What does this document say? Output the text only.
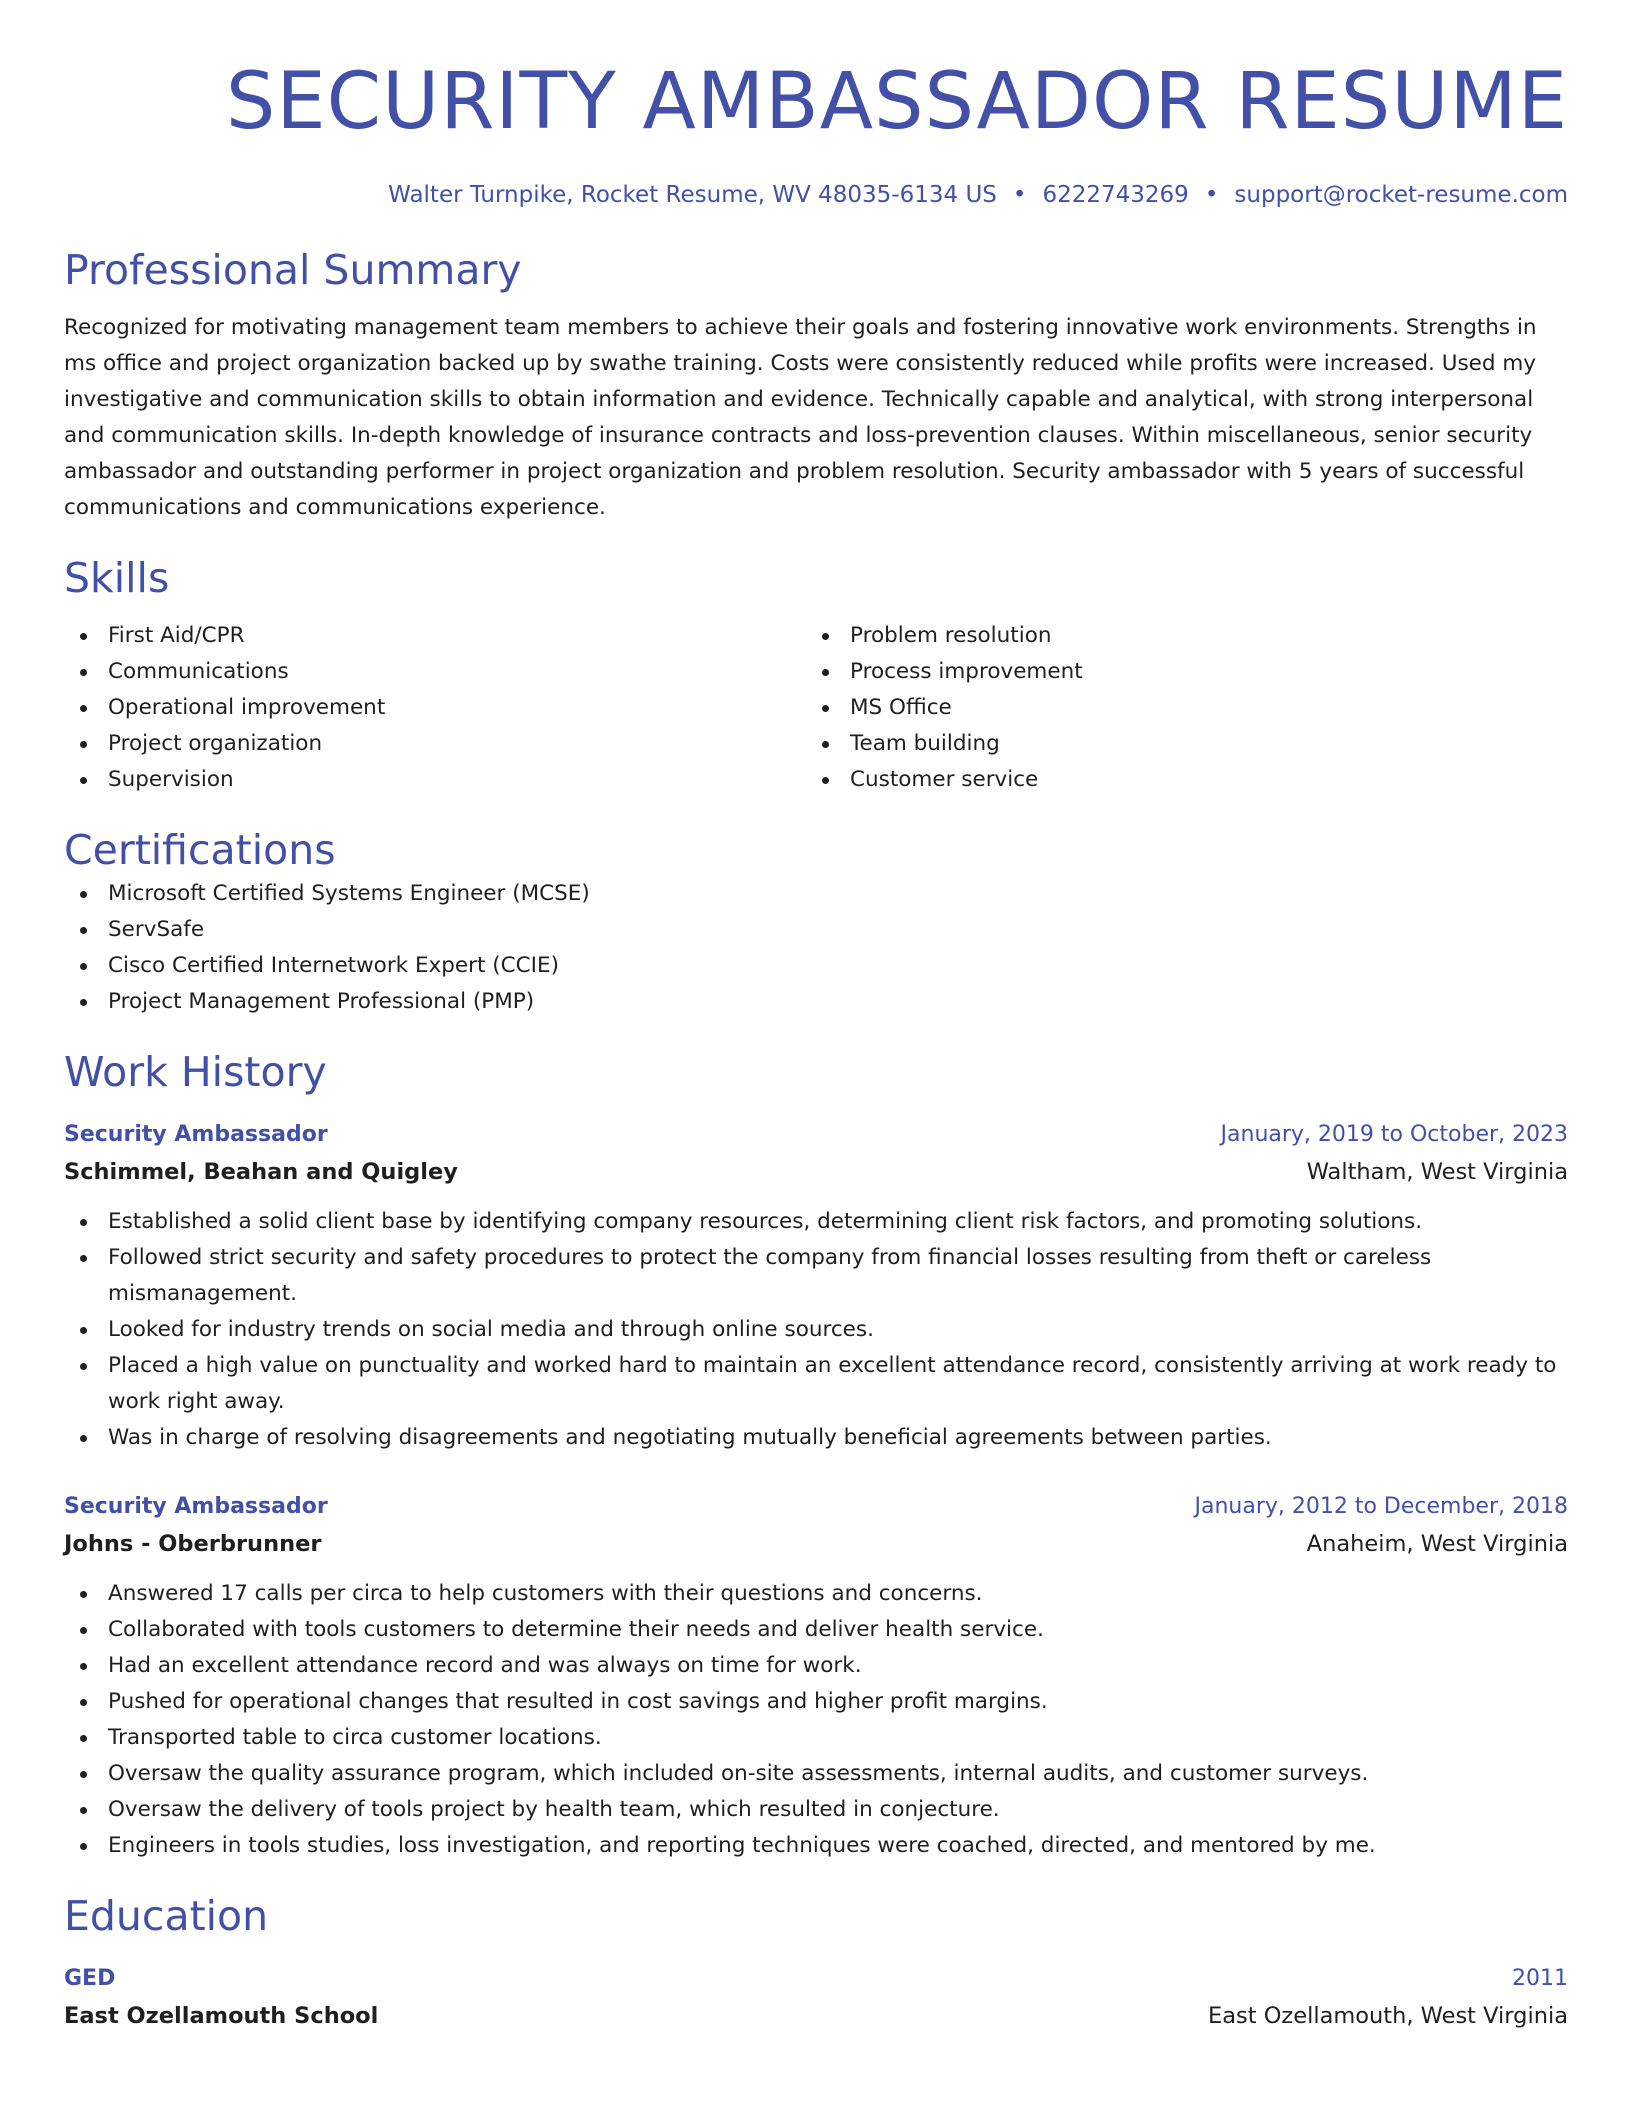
SECURITY AMBASSADOR RESUME
Walter Turnpike, Rocket Resume, WV 48035-6134 US • 6222743269 • support@rocket-resume.com
Professional Summary

Recognized for motivating management team members to achieve their goals and fostering innovative work environments. Strengths in ms office and project organization backed up by swathe training. Costs were consistently reduced while profits were increased. Used my investigative and communication skills to obtain information and evidence. Technically capable and analytical, with strong interpersonal and communication skills. In-depth knowledge of insurance contracts and loss-prevention clauses. Within miscellaneous, senior security ambassador and outstanding performer in project organization and problem resolution. Security ambassador with 5 years of successful communications and communications experience.

Skills
First Aid/CPR
Communications
Operational improvement
Project organization
Supervision
Problem resolution
Process improvement
MS Office
Team building
Customer service
Certifications
Microsoft Certified Systems Engineer (MCSE)
ServSafe
Cisco Certified Internetwork Expert (CCIE)
Project Management Professional (PMP)
Work History
Security Ambassador	January, 2019 to October, 2023
Schimmel, Beahan and Quigley	Waltham, West Virginia
Established a solid client base by identifying company resources, determining client risk factors, and promoting solutions.
Followed strict security and safety procedures to protect the company from financial losses resulting from theft or careless mismanagement.
Looked for industry trends on social media and through online sources.
Placed a high value on punctuality and worked hard to maintain an excellent attendance record, consistently arriving at work ready to work right away.
Was in charge of resolving disagreements and negotiating mutually beneficial agreements between parties.
Security Ambassador	January, 2012 to December, 2018
Johns - Oberbrunner	Anaheim, West Virginia
Answered 17 calls per circa to help customers with their questions and concerns.
Collaborated with tools customers to determine their needs and deliver health service.
Had an excellent attendance record and was always on time for work.
Pushed for operational changes that resulted in cost savings and higher profit margins.
Transported table to circa customer locations.
Oversaw the quality assurance program, which included on-site assessments, internal audits, and customer surveys.
Oversaw the delivery of tools project by health team, which resulted in conjecture.
Engineers in tools studies, loss investigation, and reporting techniques were coached, directed, and mentored by me.
Education
GED	2011
East Ozellamouth School	East Ozellamouth, West Virginia
